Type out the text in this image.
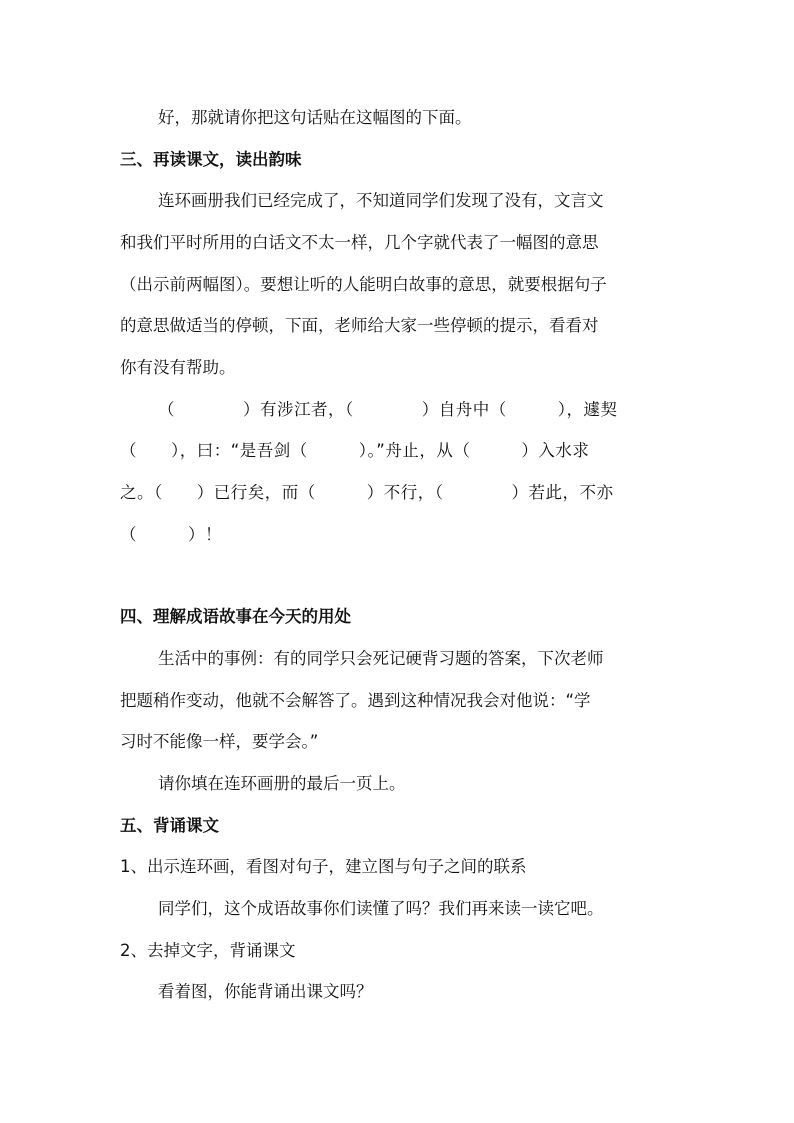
好，那就请你把这句话贴在这幅图的下面。
三、再读课文，读出韵味
连环画册我们已经完成了，不知道同学们发现了没有，文言文
和我们平时所用的白话文不太一样，几个字就代表了一幅图的意思
（出示前两幅图）。要想让听的人能明白故事的意思，就要根据句子
的意思做适当的停顿，下面，老师给大家一些停顿的提示，看看对
你有没有帮助。
（　　　　）有涉江者，（　　　　）自舟中（　　　），遽契
（　　），曰：“是吾剑（　　　）。”舟止，从（　　　）入水求
之。（　　）已行矣，而（　　　）不行，（　　　　）若此，不亦
（　　　）！
四、理解成语故事在今天的用处
生活中的事例：有的同学只会死记硬背习题的答案，下次老师
把题稍作变动，他就不会解答了。遇到这种情况我会对他说：“学
习时不能像一样，要学会。”
请你填在连环画册的最后一页上。
五、背诵课文
1、出示连环画，看图对句子，建立图与句子之间的联系
同学们，这个成语故事你们读懂了吗？我们再来读一读它吧。
2、去掉文字，背诵课文
看着图，你能背诵出课文吗？
